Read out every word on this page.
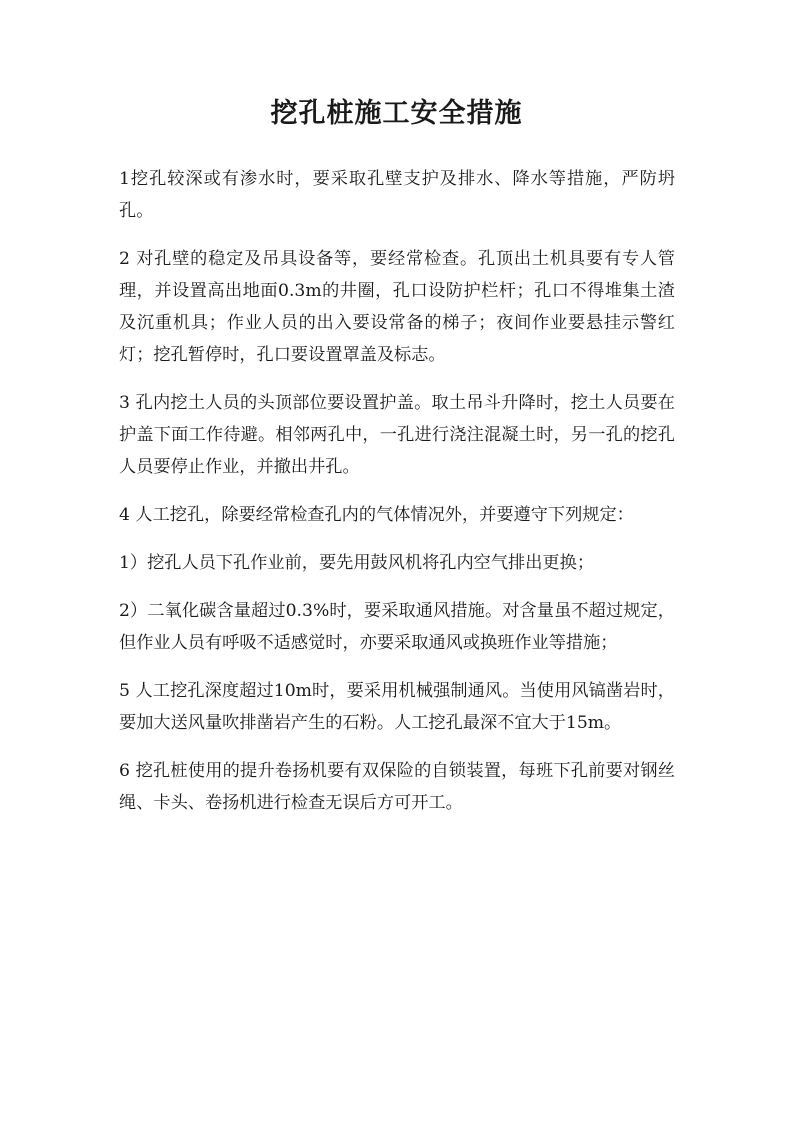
挖孔桩施工安全措施

1挖孔较深或有渗水时，要采取孔壁支护及排水、降水等措施，严防坍孔。

2 对孔壁的稳定及吊具设备等，要经常检查。孔顶出土机具要有专人管理，并设置高出地面0.3m的井圈，孔口设防护栏杆；孔口不得堆集土渣及沉重机具；作业人员的出入要设常备的梯子；夜间作业要悬挂示警红灯；挖孔暂停时，孔口要设置罩盖及标志。

3 孔内挖土人员的头顶部位要设置护盖。取土吊斗升降时，挖土人员要在护盖下面工作待避。相邻两孔中，一孔进行浇注混凝土时，另一孔的挖孔人员要停止作业，并撤出井孔。

4 人工挖孔，除要经常检查孔内的气体情况外，并要遵守下列规定：

1）挖孔人员下孔作业前，要先用鼓风机将孔内空气排出更换；

2）二氧化碳含量超过0.3%时，要采取通风措施。对含量虽不超过规定，但作业人员有呼吸不适感觉时，亦要采取通风或换班作业等措施；

5 人工挖孔深度超过10m时，要采用机械强制通风。当使用风镐凿岩时，要加大送风量吹排凿岩产生的石粉。人工挖孔最深不宜大于15m。

6 挖孔桩使用的提升卷扬机要有双保险的自锁装置，每班下孔前要对钢丝绳、卡头、卷扬机进行检查无误后方可开工。
